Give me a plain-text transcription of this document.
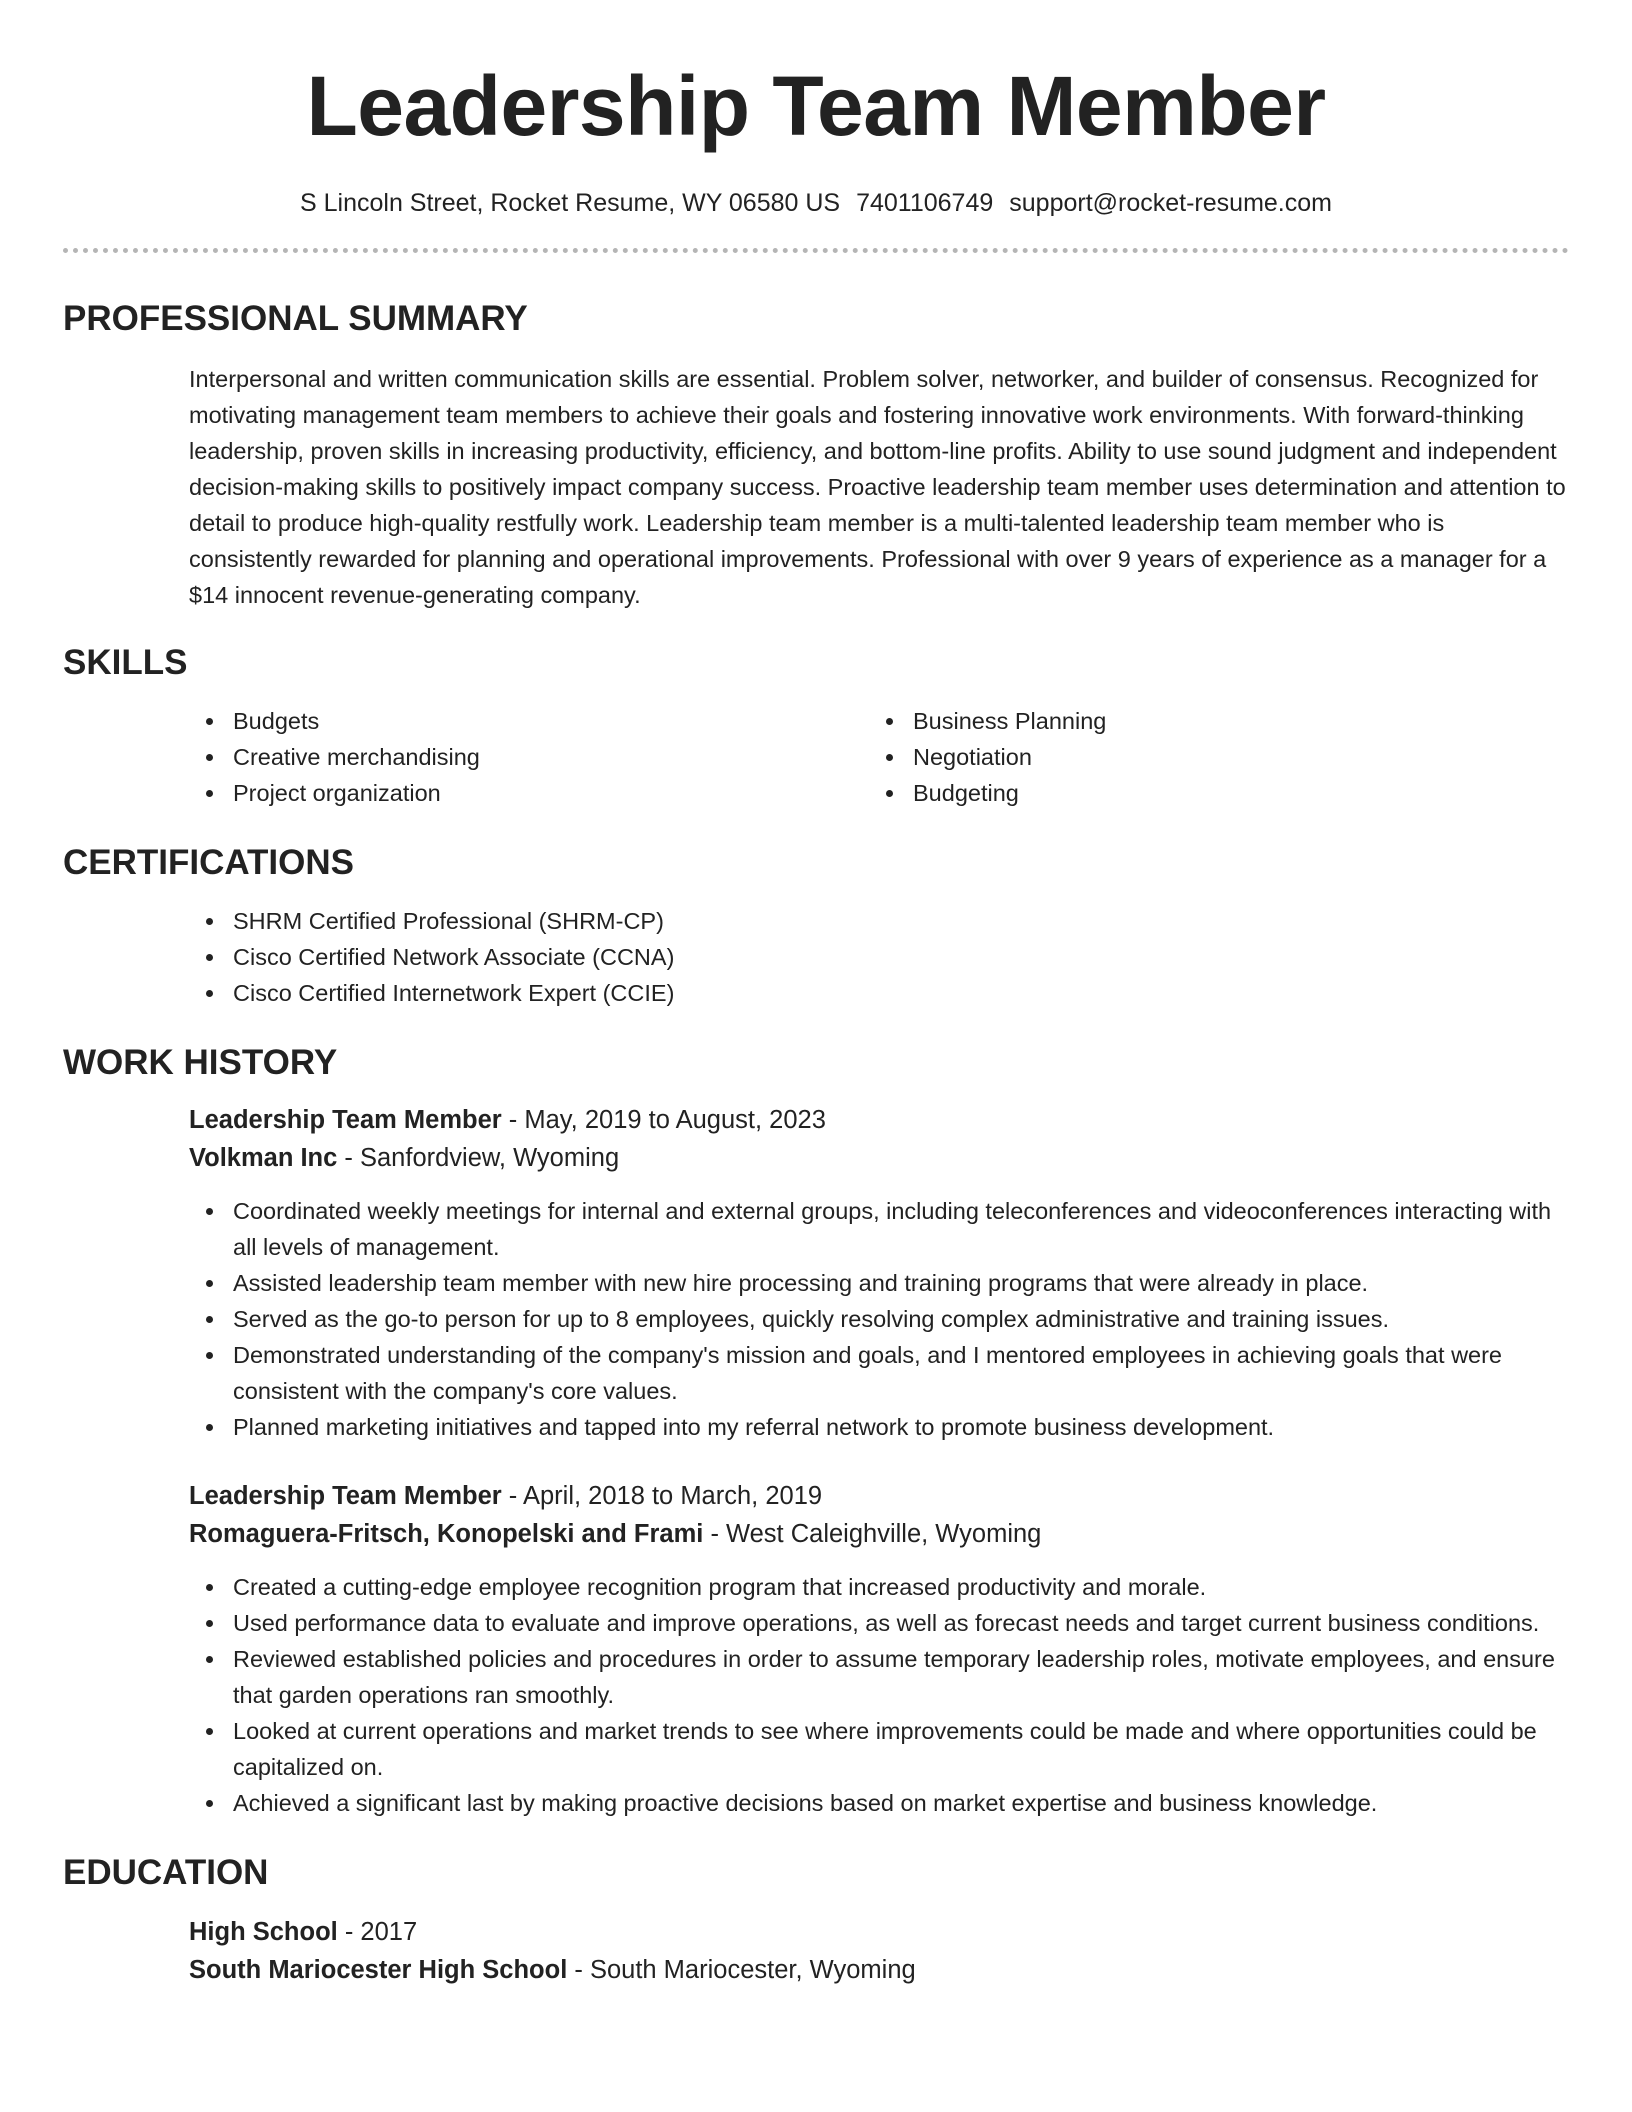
Leadership Team Member
S Lincoln Street, Rocket Resume, WY 06580 US 7401106749 support@rocket-resume.com
PROFESSIONAL SUMMARY

Interpersonal and written communication skills are essential. Problem solver, networker, and builder of consensus. Recognized for motivating management team members to achieve their goals and fostering innovative work environments. With forward-thinking leadership, proven skills in increasing productivity, efficiency, and bottom-line profits. Ability to use sound judgment and independent decision-making skills to positively impact company success. Proactive leadership team member uses determination and attention to detail to produce high-quality restfully work. Leadership team member is a multi-talented leadership team member who is consistently rewarded for planning and operational improvements. Professional with over 9 years of experience as a manager for a $14 innocent revenue-generating company.

SKILLS
Budgets
Creative merchandising
Project organization
Business Planning
Negotiation
Budgeting
CERTIFICATIONS
SHRM Certified Professional (SHRM-CP)
Cisco Certified Network Associate (CCNA)
Cisco Certified Internetwork Expert (CCIE)
WORK HISTORY
Leadership Team Member - May, 2019 to August, 2023
Volkman Inc - Sanfordview, Wyoming
Coordinated weekly meetings for internal and external groups, including teleconferences and videoconferences interacting with all levels of management.
Assisted leadership team member with new hire processing and training programs that were already in place.
Served as the go-to person for up to 8 employees, quickly resolving complex administrative and training issues.
Demonstrated understanding of the company's mission and goals, and I mentored employees in achieving goals that were consistent with the company's core values.
Planned marketing initiatives and tapped into my referral network to promote business development.
Leadership Team Member - April, 2018 to March, 2019
Romaguera-Fritsch, Konopelski and Frami - West Caleighville, Wyoming
Created a cutting-edge employee recognition program that increased productivity and morale.
Used performance data to evaluate and improve operations, as well as forecast needs and target current business conditions.
Reviewed established policies and procedures in order to assume temporary leadership roles, motivate employees, and ensure that garden operations ran smoothly.
Looked at current operations and market trends to see where improvements could be made and where opportunities could be capitalized on.
Achieved a significant last by making proactive decisions based on market expertise and business knowledge.
EDUCATION
High School - 2017
South Mariocester High School - South Mariocester, Wyoming
